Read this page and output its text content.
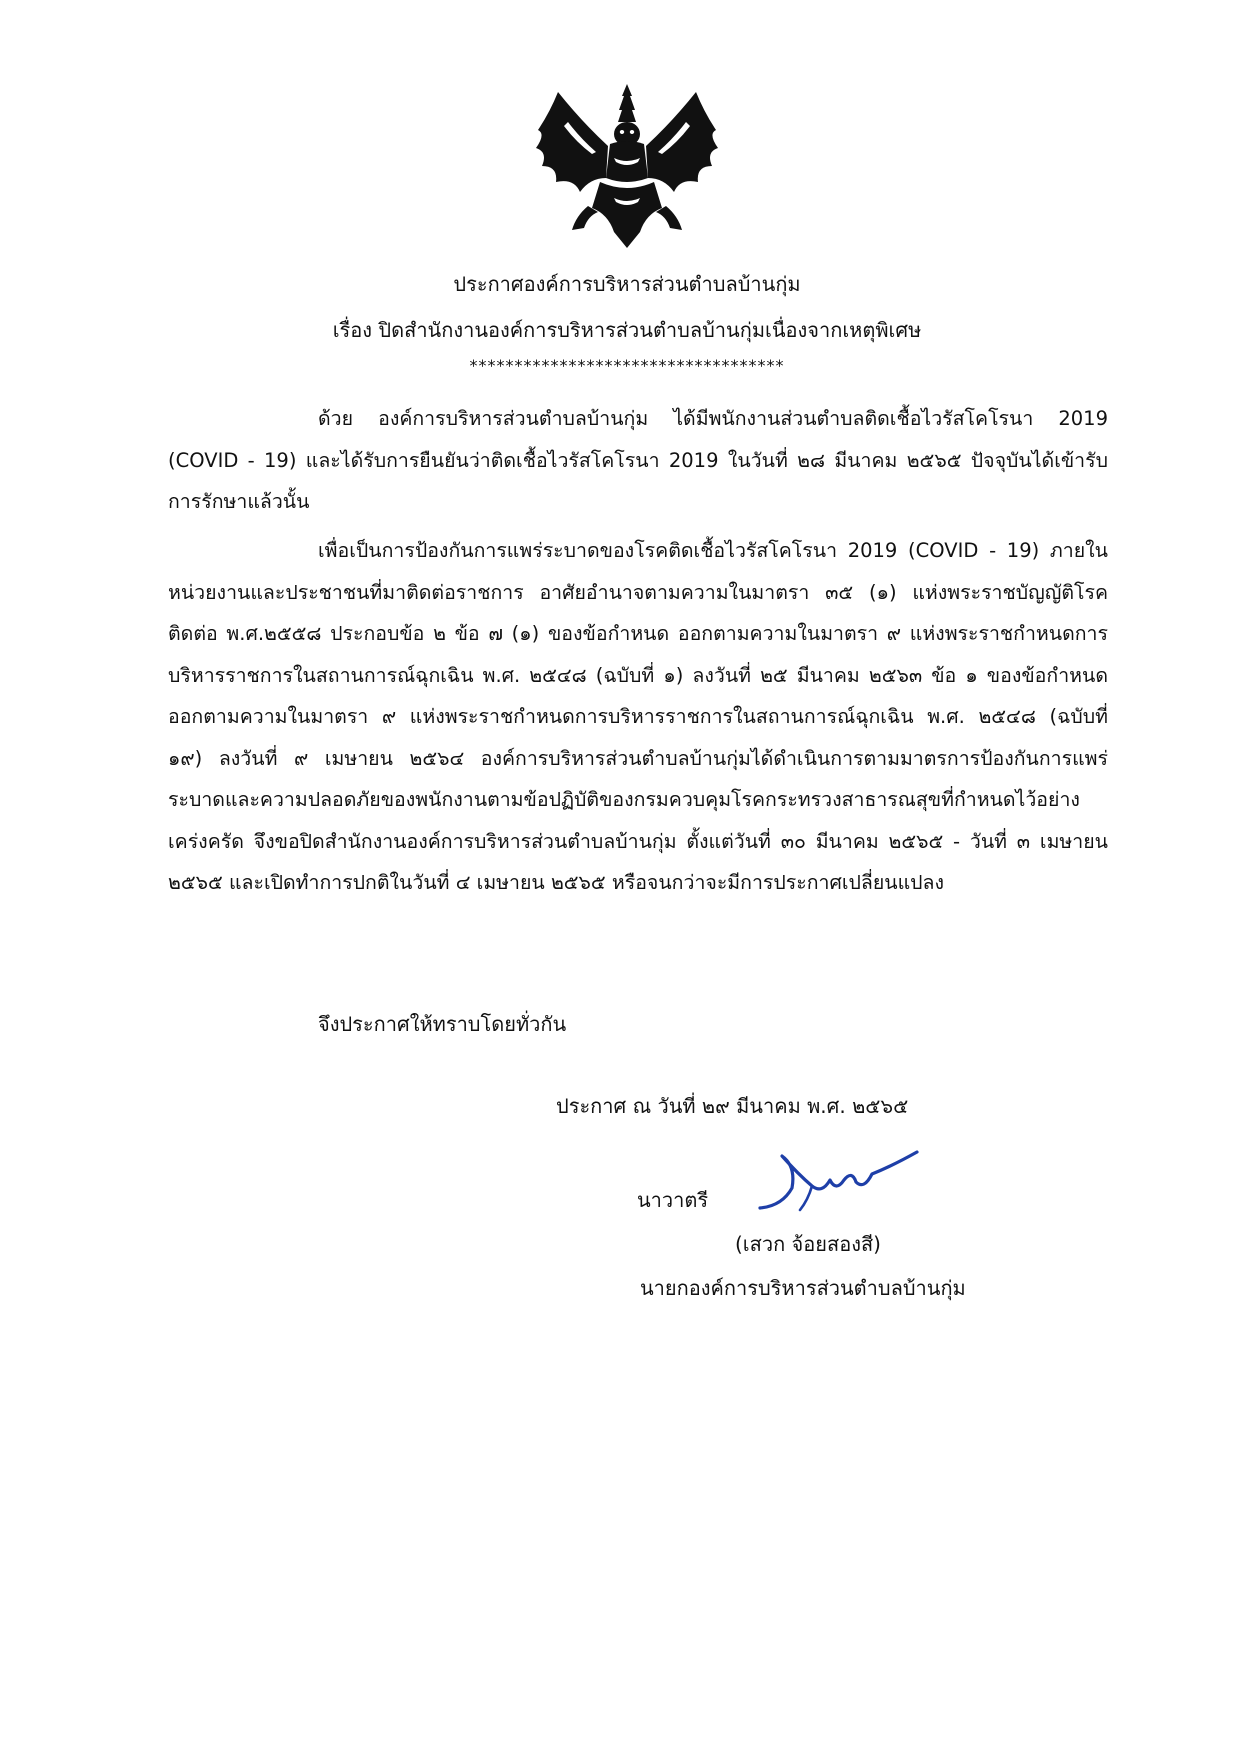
ประกาศองค์การบริหารส่วนตำบลบ้านกุ่ม
เรื่อง ปิดสำนักงานองค์การบริหารส่วนตำบลบ้านกุ่มเนื่องจากเหตุพิเศษ
***********************************
ด้วย องค์การบริหารส่วนตำบลบ้านกุ่ม ได้มีพนักงานส่วนตำบลติดเชื้อไวรัสโคโรนา 2019 (COVID - 19) และได้รับการยืนยันว่าติดเชื้อไวรัสโคโรนา 2019 ในวันที่ ๒๘ มีนาคม ๒๕๖๕ ปัจจุบันได้เข้ารับการรักษาแล้วนั้น
เพื่อเป็นการป้องกันการแพร่ระบาดของโรคติดเชื้อไวรัสโคโรนา 2019 (COVID - 19) ภายในหน่วยงานและประชาชนที่มาติดต่อราชการ อาศัยอำนาจตามความในมาตรา ๓๕ (๑) แห่งพระราชบัญญัติโรคติดต่อ พ.ศ.๒๕๕๘ ประกอบข้อ ๒ ข้อ ๗ (๑) ของข้อกำหนด ออกตามความในมาตรา ๙ แห่งพระราชกำหนดการบริหารราชการในสถานการณ์ฉุกเฉิน พ.ศ. ๒๕๔๘ (ฉบับที่ ๑) ลงวันที่ ๒๕ มีนาคม ๒๕๖๓ ข้อ ๑ ของข้อกำหนดออกตามความในมาตรา ๙ แห่งพระราชกำหนดการบริหารราชการในสถานการณ์ฉุกเฉิน พ.ศ. ๒๕๔๘ (ฉบับที่ ๑๙) ลงวันที่ ๙ เมษายน ๒๕๖๔ องค์การบริหารส่วนตำบลบ้านกุ่มได้ดำเนินการตามมาตรการป้องกันการแพร่ระบาดและความปลอดภัยของพนักงานตามข้อปฏิบัติของกรมควบคุมโรคกระทรวงสาธารณสุขที่กำหนดไว้อย่างเคร่งครัด จึงขอปิดสำนักงานองค์การบริหารส่วนตำบลบ้านกุ่ม ตั้งแต่วันที่ ๓๐ มีนาคม ๒๕๖๕ - วันที่ ๓ เมษายน ๒๕๖๕ และเปิดทำการปกติในวันที่ ๔ เมษายน ๒๕๖๕ หรือจนกว่าจะมีการประกาศเปลี่ยนแปลง
จึงประกาศให้ทราบโดยทั่วกัน
ประกาศ ณ วันที่ ๒๙ มีนาคม พ.ศ. ๒๕๖๕
นาวาตรี
(เสวก จ้อยสองสี)
นายกองค์การบริหารส่วนตำบลบ้านกุ่ม
